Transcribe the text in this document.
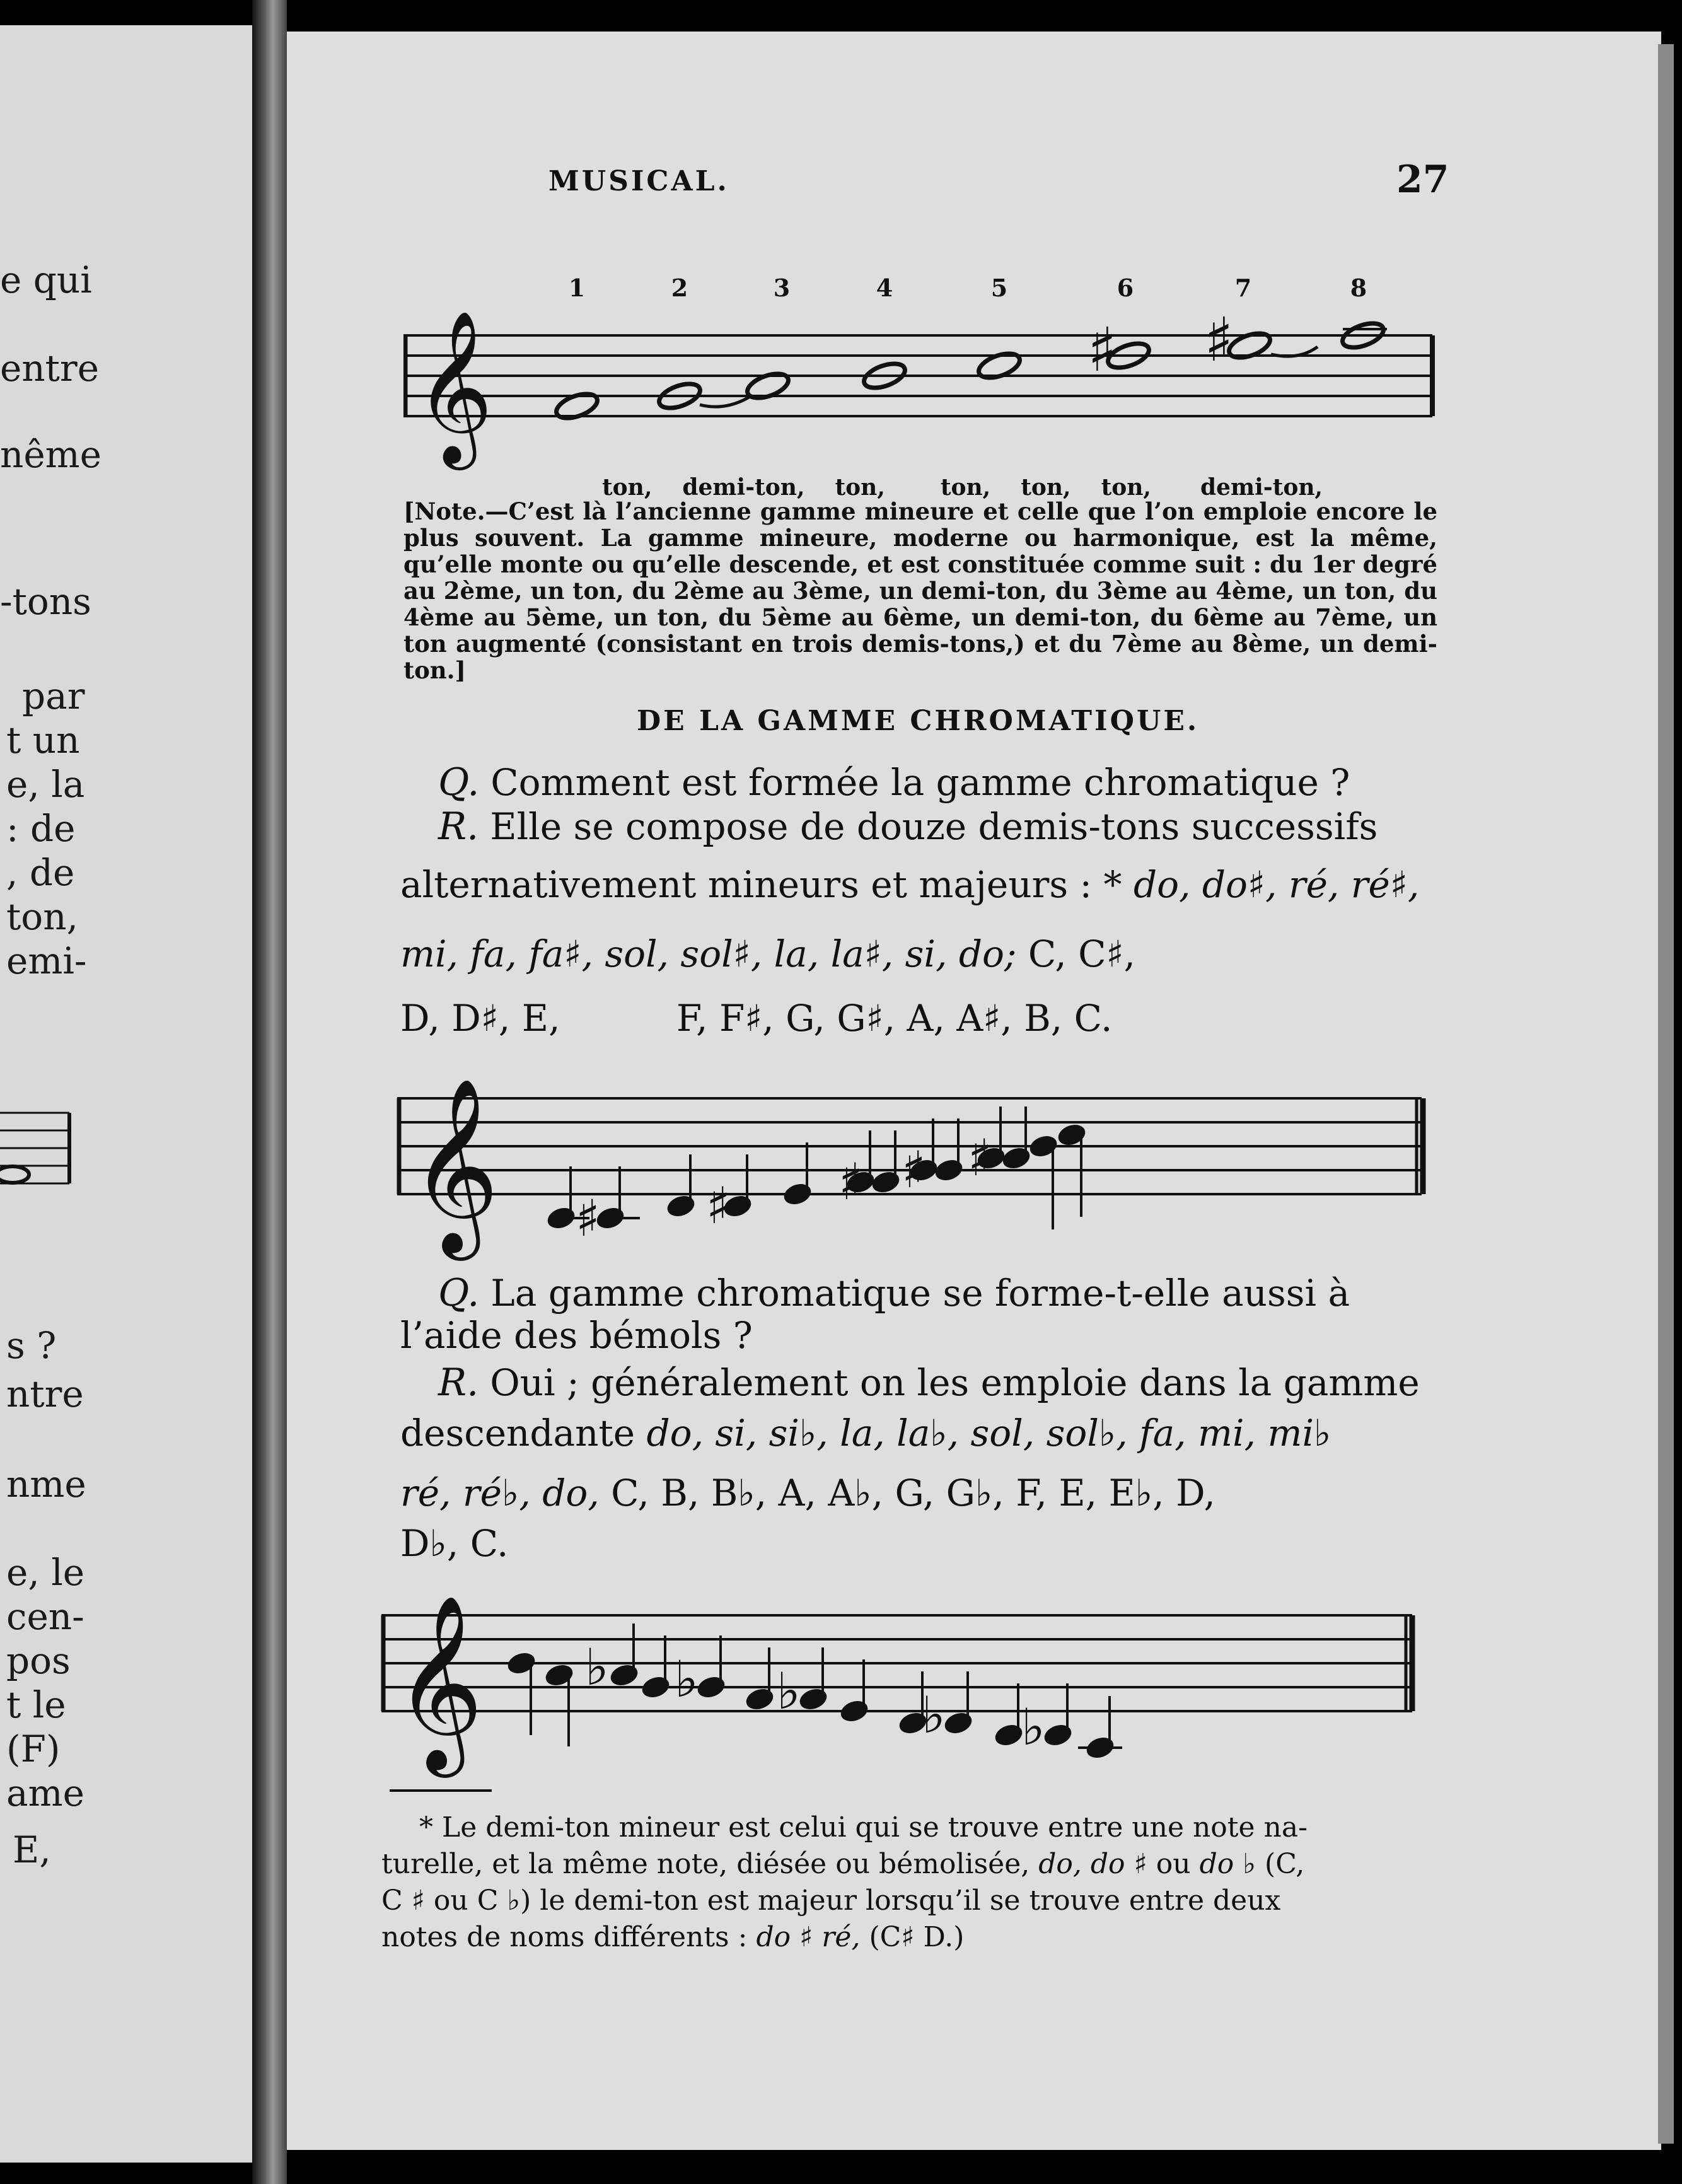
e qui
entre
nême
-tons
par
t un
e, la
: de
, de
ton,
emi-
s ?
ntre
nme
e, le
cen-
pos
t le
(F)
ame
E,
MUSICAL.	27
𝄞
1	2	3	4	5	6	7	8
♯ ♯
ton, demi-ton, ton, ton, ton, ton, demi-ton,
[Note.—C’est là l’ancienne gamme mineure et celle que l’on emploie encore le plus souvent. La gamme mineure, moderne ou harmonique, est la même, qu’elle monte ou qu’elle descende, et est constituée comme suit : du 1er degré au 2ème, un ton, du 2ème au 3ème, un demi-ton, du 3ème au 4ème, un ton, du 4ème au 5ème, un ton, du 5ème au 6ème, un demi-ton, du 6ème au 7ème, un ton augmenté (consistant en trois demis-tons,) et du 7ème au 8ème, un demi-ton.]
DE LA GAMME CHROMATIQUE.
Q. Comment est formée la gamme chromatique ?
R. Elle se compose de douze demis-tons successifs
alternativement mineurs et majeurs : * do, do♯, ré, ré♯,
mi, fa, fa♯, sol, sol♯, la, la♯, si, do; C, C♯,
D, D♯, E,          F, F♯, G, G♯, A, A♯, B, C.
𝄞 ♯ ♯ ♯ ♯ ♯
Q. La gamme chromatique se forme-t-elle aussi à
l’aide des bémols ?
R. Oui ; généralement on les emploie dans la gamme
descendante do, si, si♭, la, la♭, sol, sol♭, fa, mi, mi♭
ré, ré♭, do, C, B, B♭, A, A♭, G, G♭, F, E, E♭, D,
D♭, C.
𝄞 ♭ ♭ ♭ ♭ ♭
* Le demi-ton mineur est celui qui se trouve entre une note na-
turelle, et la même note, diésée ou bémolisée, do, do ♯ ou do ♭ (C,
C ♯ ou C ♭) le demi-ton est majeur lorsqu’il se trouve entre deux
notes de noms différents : do ♯ ré, (C♯ D.)
